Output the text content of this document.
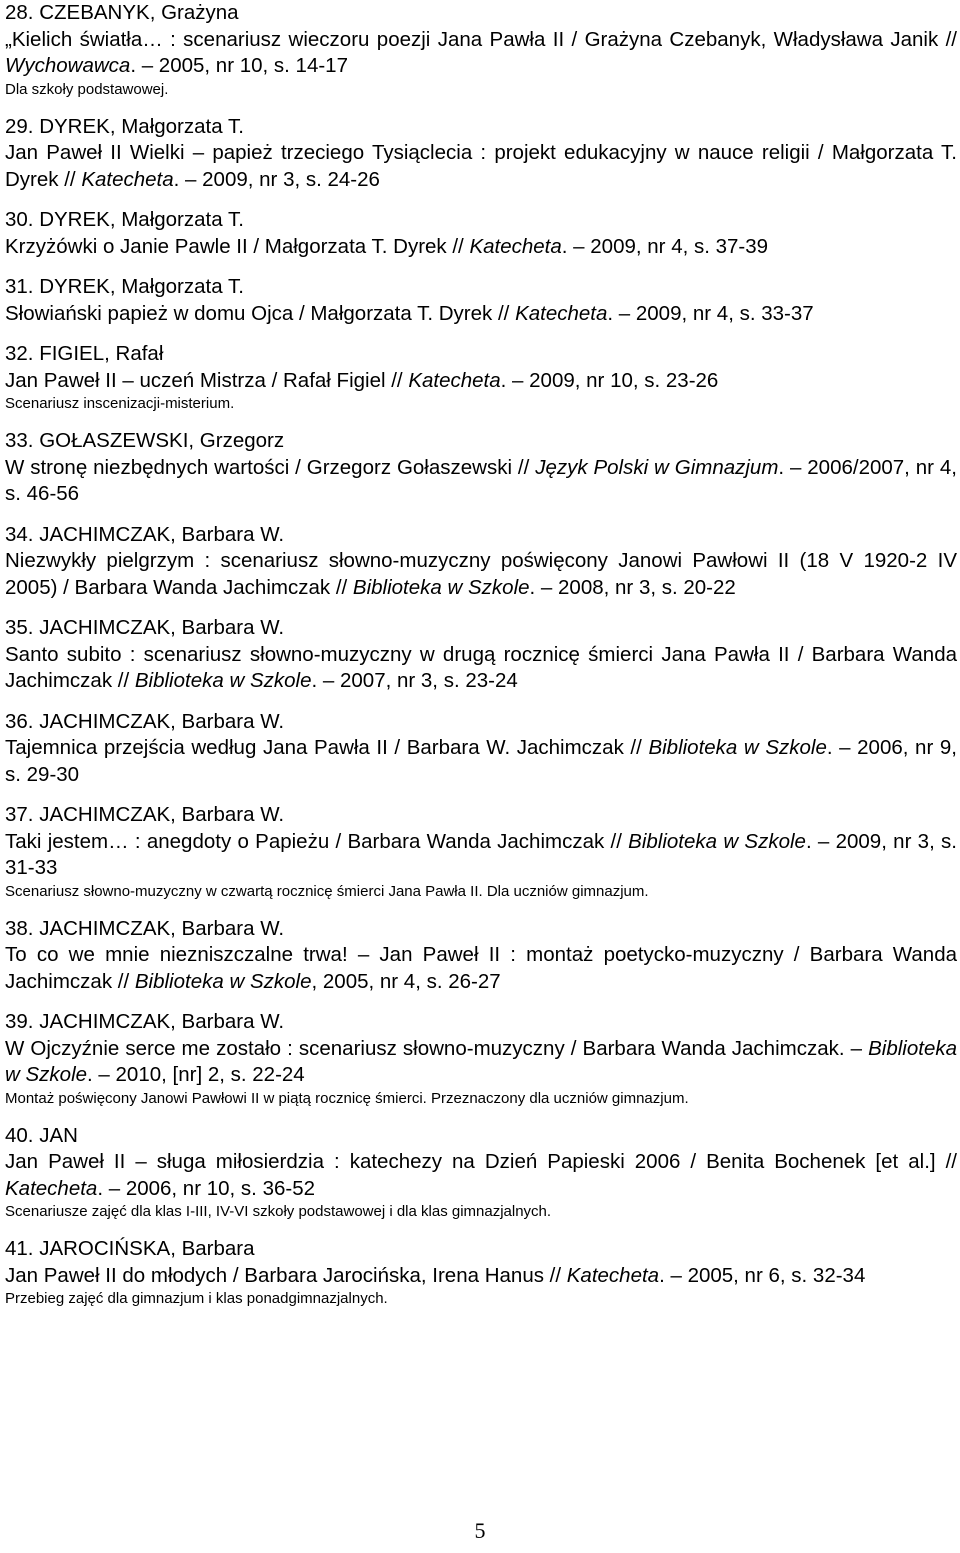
28. CZEBANYK, Grażyna
„Kielich światła… : scenariusz wieczoru poezji Jana Pawła II / Grażyna Czebanyk, Władysława Janik // Wychowawca. – 2005, nr 10, s. 14-17
Dla szkoły podstawowej.
29. DYREK, Małgorzata T.
Jan Paweł II Wielki – papież trzeciego Tysiąclecia : projekt edukacyjny w nauce religii / Małgorzata T. Dyrek // Katecheta. – 2009, nr 3, s. 24-26
30. DYREK, Małgorzata T.
Krzyżówki o Janie Pawle II / Małgorzata T. Dyrek // Katecheta. – 2009, nr 4, s. 37-39
31. DYREK, Małgorzata T.
Słowiański papież w domu Ojca / Małgorzata T. Dyrek // Katecheta. – 2009, nr 4, s. 33-37
32. FIGIEL, Rafał
Jan Paweł II – uczeń Mistrza / Rafał Figiel // Katecheta. – 2009, nr 10, s. 23-26
Scenariusz inscenizacji-misterium.
33. GOŁASZEWSKI, Grzegorz
W stronę niezbędnych wartości / Grzegorz Gołaszewski // Język Polski w Gimnazjum. – 2006/2007, nr 4, s. 46-56
34. JACHIMCZAK, Barbara W.
Niezwykły pielgrzym : scenariusz słowno-muzyczny poświęcony Janowi Pawłowi II (18 V 1920-2 IV 2005) / Barbara Wanda Jachimczak // Biblioteka w Szkole. – 2008, nr 3, s. 20-22
35. JACHIMCZAK, Barbara W.
Santo subito : scenariusz słowno-muzyczny w drugą rocznicę śmierci Jana Pawła II / Barbara Wanda Jachimczak // Biblioteka w Szkole. – 2007, nr 3, s. 23-24
36. JACHIMCZAK, Barbara W.
Tajemnica przejścia według Jana Pawła II / Barbara W. Jachimczak // Biblioteka w Szkole. – 2006, nr 9, s. 29-30
37. JACHIMCZAK, Barbara W.
Taki jestem… : anegdoty o Papieżu / Barbara Wanda Jachimczak // Biblioteka w Szkole. – 2009, nr 3, s. 31-33
Scenariusz słowno-muzyczny w czwartą rocznicę śmierci Jana Pawła II. Dla uczniów gimnazjum.
38. JACHIMCZAK, Barbara W.
To co we mnie niezniszczalne trwa! – Jan Paweł II : montaż poetycko-muzyczny / Barbara Wanda Jachimczak // Biblioteka w Szkole, 2005, nr 4, s. 26-27
39. JACHIMCZAK, Barbara W.
W Ojczyźnie serce me zostało : scenariusz słowno-muzyczny / Barbara Wanda Jachimczak. – Biblioteka w Szkole. – 2010, [nr] 2, s. 22-24
Montaż poświęcony Janowi Pawłowi II w piątą rocznicę śmierci. Przeznaczony dla uczniów gimnazjum.
40. JAN
Jan Paweł II – sługa miłosierdzia : katechezy na Dzień Papieski 2006 / Benita Bochenek [et al.] // Katecheta. – 2006, nr 10, s. 36-52
Scenariusze zajęć dla klas I-III, IV-VI szkoły podstawowej i dla klas gimnazjalnych.
41. JAROCIŃSKA, Barbara
Jan Paweł II do młodych / Barbara Jarocińska, Irena Hanus // Katecheta. – 2005, nr 6, s. 32-34
Przebieg zajęć dla gimnazjum i klas ponadgimnazjalnych.
5
